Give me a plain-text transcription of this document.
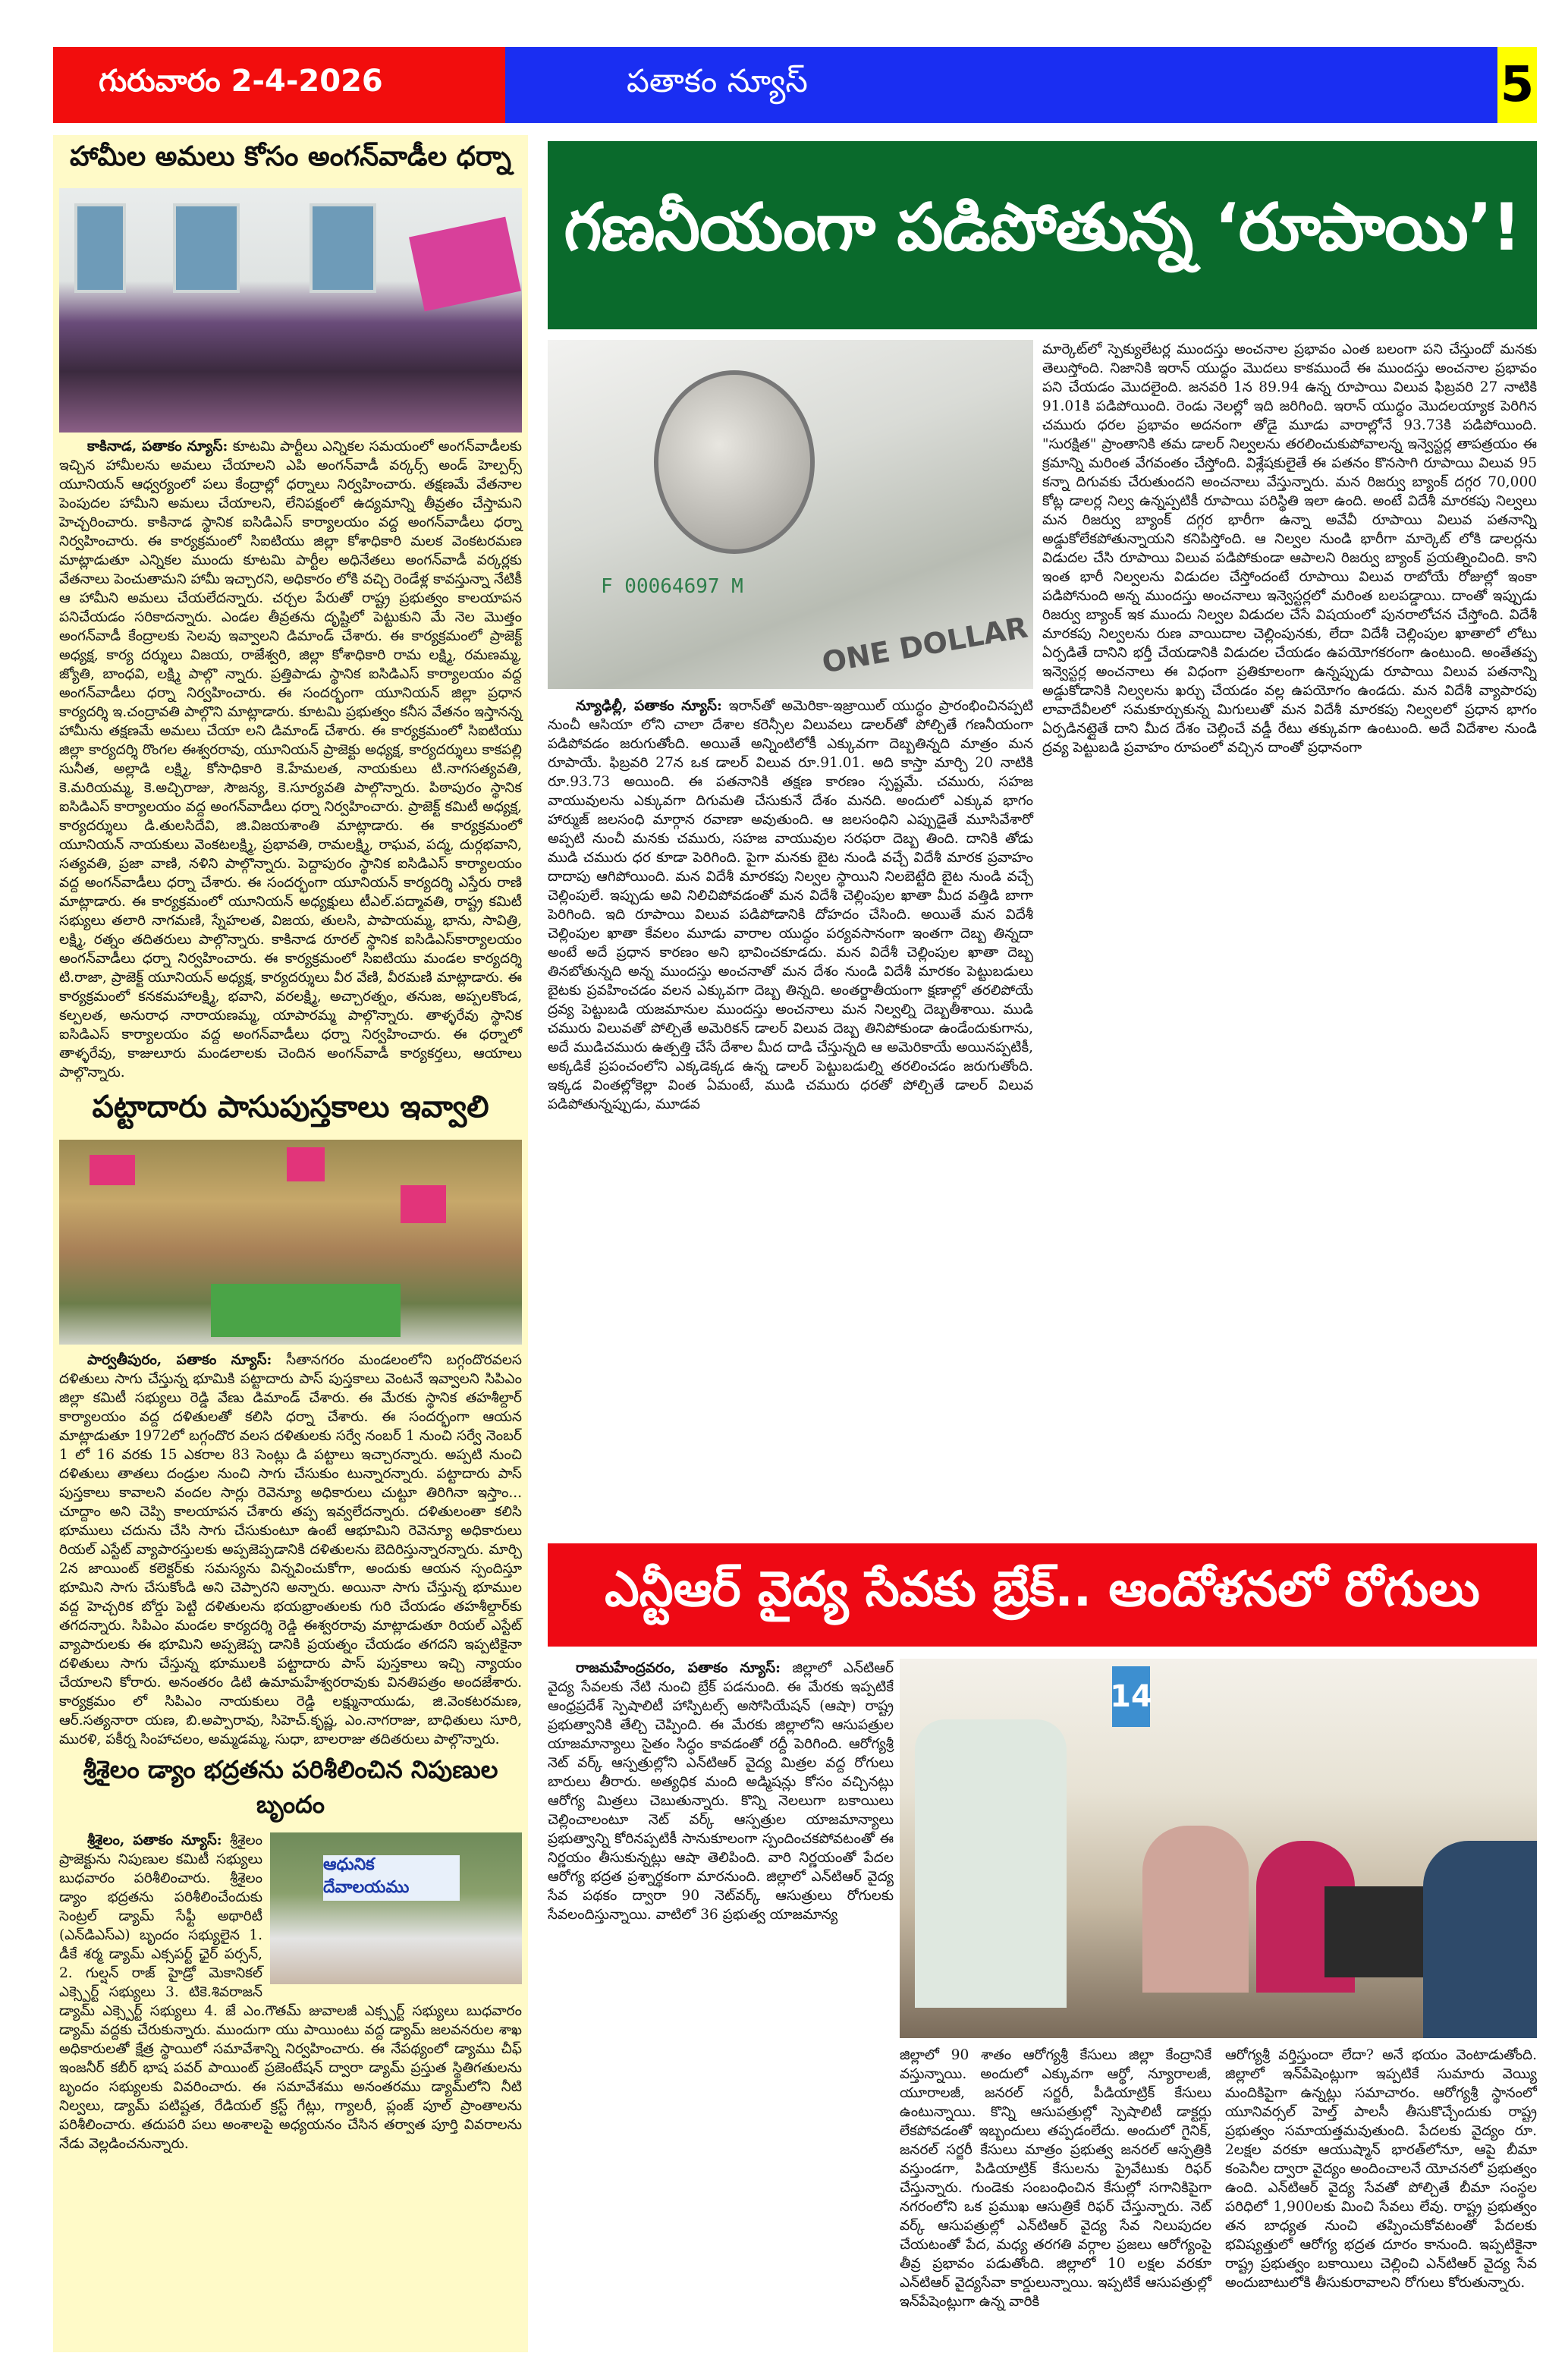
గురువారం 2-4-2026	పతాకం న్యూస్	5
హామీల అమలు కోసం అంగన్‌వాడీల ధర్నా

కాకినాడ, పతాకం న్యూస్: కూటమి పార్టీలు ఎన్నికల సమయంలో అంగన్‌వాడీలకు ఇచ్చిన హామీలను అమలు చేయాలని ఎపి అంగన్‌వాడీ వర్కర్స్ అండ్ హెల్పర్స్ యూనియన్ ఆధ్వర్యంలో పలు కేంద్రాల్లో ధర్నాలు నిర్వహించారు. తక్షణమే వేతనాల పెంపుదల హామీని అమలు చేయాలని, లేనిపక్షంలో ఉద్యమాన్ని తీవ్రతం చేస్తామని హెచ్చరించారు. కాకినాడ స్థానిక ఐసిడిఎస్ కార్యాలయం వద్ద అంగన్‌వాడీలు ధర్నా నిర్వహించారు. ఈ కార్యక్రమంలో సిఐటియు జిల్లా కోశాధికారి మలక వెంకటరమణ మాట్లాడుతూ ఎన్నికల ముందు కూటమి పార్టీల అధినేతలు అంగన్‌వాడీ వర్కర్లకు వేతనాలు పెంచుతామని హామీ ఇచ్చారని, అధికారం లోకి వచ్చి రెండేళ్ల కావస్తున్నా నేటికీ ఆ హామీని అమలు చేయలేదన్నారు. చర్చల పేరుతో రాష్ట్ర ప్రభుత్వం కాలయాపన పనిచేయడం సరికాదన్నారు. ఎండల తీవ్రతను దృష్టిలో పెట్టుకుని మే నెల మొత్తం అంగన్‌వాడీ కేంద్రాలకు సెలవు ఇవ్వాలని డిమాండ్ చేశారు. ఈ కార్యక్రమంలో ప్రాజెక్ట్ అధ్యక్ష, కార్య దర్శులు విజయ, రాజేశ్వరి, జిల్లా కోశాధికారి రామ లక్ష్మి, రమణమ్మ, జ్యోతి, బాంధవి, లక్ష్మి పాల్గొ న్నారు. ప్రత్తిపాడు స్థానిక ఐసిడిఎస్ కార్యాలయం వద్ద అంగన్‌వాడీలు ధర్నా నిర్వహించారు. ఈ సందర్భంగా యూనియన్ జిల్లా ప్రధాన కార్యదర్శి ఇ.చంద్రావతి పాల్గొని మాట్లాడారు. కూటమి ప్రభుత్వం కనీస వేతనం ఇస్తానన్న హామీను తక్షణమే అమలు చేయా లని డిమాండ్ చేశారు. ఈ కార్యక్రమంలో సిఐటియు జిల్లా కార్యదర్శి రొంగల ఈశ్వరరావు, యూనియన్ ప్రాజెక్టు అధ్యక్ష, కార్యదర్శులు కాకపల్లి సునీత, అల్లాడి లక్ష్మి, కోసాధికారి కె.హేమలత, నాయకులు టి.నాగసత్యవతి, కె.మరియమ్మ, కె.అచ్చిరాజు, సౌజన్య, కె.సూర్యవతి పాల్గొన్నారు. పిఠాపురం స్థానిక ఐసిడిఎస్ కార్యాలయం వద్ద అంగన్‌వాడీలు ధర్నా నిర్వహించారు. ప్రాజెక్ట్ కమిటీ అధ్యక్ష, కార్యదర్శులు డి.తులసిదేవి, జి.విజయశాంతి మాట్లాడారు. ఈ కార్యక్రమంలో యూనియన్ నాయకులు వెంకటలక్ష్మి, ప్రభావతి, రామలక్ష్మి, రాఘవ, పద్మ, దుర్గభవాని, సత్యవతి, ప్రజా వాణి, నళిని పాల్గొన్నారు. పెద్దాపురం స్థానిక ఐసిడిఎస్ కార్యాలయం వద్ద అంగన్‌వాడీలు ధర్నా చేశారు. ఈ సందర్భంగా యూనియన్ కార్యదర్శి ఎస్తేరు రాణి మాట్లాడారు. ఈ కార్యక్రమంలో యూనియన్ అధ్యక్షులు టీఎల్.పద్మావతి, రాష్ట్ర కమిటీ సభ్యులు తలారి నాగమణి, స్నేహలత, విజయ, తులసి, పాపాయమ్మ, భాను, సావిత్రి, లక్ష్మి, రత్నం తదితరులు పాల్గొన్నారు. కాకినాడ రూరల్ స్థానిక ఐసిడిఎస్‌కార్యాలయం అంగన్‌వాడీలు ధర్నా నిర్వహించారు. ఈ కార్యక్రమంలో సిఐటియు మండల కార్యదర్శి టి.రాజా, ప్రాజెక్ట్ యూనియన్ అధ్యక్ష, కార్యదర్శులు వీర వేణి, వీరమణి మాట్లాడారు. ఈ కార్యక్రమంలో కనకమహాలక్ష్మి, భవాని, వరలక్ష్మి, అచ్చారత్నం, తనుజ, అప్పలకొండ, కల్పలత, అనురాధ నారాయణమ్మ, యాపారమ్మ పాల్గొన్నారు. తాళ్ళరేవు స్థానిక ఐసిడిఎస్ కార్యాలయం వద్ద అంగన్‌వాడీలు ధర్నా నిర్వహించారు. ఈ ధర్నాలో తాళ్ళరేవు, కాజులూరు మండలాలకు చెందిన అంగన్‌వాడీ కార్యకర్తలు, ఆయాలు పాల్గొన్నారు.

పట్టాదారు పాసుపుస్తకాలు ఇవ్వాలి

పార్వతీపురం, పతాకం న్యూస్: సీతానగరం మండలంలోని బగ్గందొరవలస దళితులు సాగు చేస్తున్న భూమికి పట్టాదారు పాస్ పుస్తకాలు వెంటనే ఇవ్వాలని సిపిఎం జిల్లా కమిటీ సభ్యులు రెడ్డి వేణు డిమాండ్ చేశారు. ఈ మేరకు స్థానిక తహశీల్దార్ కార్యాలయం వద్ద దళితులతో కలిసి ధర్నా చేశారు. ఈ సందర్భంగా ఆయన మాట్లాడుతూ 1972లో బగ్గందొర వలస దళితులకు సర్వే నంబర్ 1 నుంచి సర్వే నెంబర్ 1 లో 16 వరకు 15 ఎకరాల 83 సెంట్లు డి పట్టాలు ఇచ్చారన్నారు. అప్పటి నుంచి దళితులు తాతలు దండ్రుల నుంచి సాగు చేసుకుం టున్నారన్నారు. పట్టాదారు పాస్ పుస్తకాలు కావాలని వందల సార్లు రెవెన్యూ అధికారులు చుట్టూ తిరిగినా ఇస్తాం... చూద్దాం అని చెప్పి కాలయాపన చేశారు తప్ప ఇవ్వలేదన్నారు. దళితులంతా కలిసి భూములు చదును చేసి సాగు చేసుకుంటూ ఉంటే ఆభూమిని రెవెన్యూ అధికారులు రియల్ ఎస్టేట్ వ్యాపారస్తులకు అప్పజెప్పడానికి దళితులను బెదిరిస్తున్నారన్నారు. మార్చి 2న జాయింట్ కలెక్టర్‌కు సమస్యను విన్నవించుకోగా, అందుకు ఆయన స్పందిస్తూ భూమిని సాగు చేసుకోండి అని చెప్పారని అన్నారు. అయినా సాగు చేస్తున్న భూముల వద్ద హెచ్చరిక బోర్డు పెట్టి దళితులను భయభ్రాంతులకు గురి చేయడం తహశీల్దార్‌కు తగదన్నారు. సిపిఎం మండల కార్యదర్శి రెడ్డి ఈశ్వరరావు మాట్లాడుతూ రియల్ ఎస్టేట్ వ్యాపారులకు ఈ భూమిని అప్పజెప్ప డానికి ప్రయత్నం చేయడం తగదని ఇప్పటికైనా దళితులు సాగు చేస్తున్న భూములకి పట్టాదారు పాస్ పుస్తకాలు ఇచ్చి న్యాయం చేయాలని కోరారు. అనంతరం డిటి ఉమామహేశ్వరరావుకు వినతిపత్రం అందజేశారు. కార్యక్రమం లో సిపిఎం నాయకులు రెడ్డి లక్ష్మునాయుడు, జి.వెంకటరమణ, ఆర్.సత్యనారా యణ, బి.అప్పారావు, సిహెచ్.కృష్ణ, ఎం.నాగరాజు, బాధితులు సూరి, మురళి, పకీర్న సింహాచలం, అమ్మడమ్మ, సుధా, బాలరాజు తదితరులు పాల్గొన్నారు.

శ్రీశైలం డ్యాం భద్రతను పరిశీలించిన నిపుణుల బృందం
ఆధునిక దేవాలయము

శ్రీశైలం, పతాకం న్యూస్: శ్రీశైలం ప్రాజెక్టును నిపుణుల కమిటీ సభ్యులు బుధవారం పరిశీలించారు. శ్రీశైలం డ్యాం భద్రతను పరిశీలించేందుకు సెంట్రల్ డ్యామ్ సేఫ్టీ అథారిటీ (ఎన్‌డిఎస్‌ఎ) బృందం సభ్యులైన 1. డీకే శర్మ డ్యామ్ ఎక్సపర్ట్ ఛైర్ పర్సన్, 2. గుల్షన్ రాజ్ హైడ్రో మెకానికల్ ఎక్స్పెర్ట్ సభ్యులు 3. టికె.శివరాజన్ డ్యామ్ ఎక్స్పెర్ట్ సభ్యులు 4. జే ఎం.గౌతమ్ జువాలజీ ఎక్స్పర్ట్ సభ్యులు బుధవారం డ్యామ్ వద్దకు చేరుకున్నారు. ముందుగా యు పాయింటు వద్ద డ్యామ్ జలవనరుల శాఖ అధికారులతో క్షేత్ర స్థాయిలో సమావేశాన్ని నిర్వహించారు. ఈ నేపథ్యంలో డ్యాము చీఫ్ ఇంజనీర్ కబీర్ భాష పవర్ పాయింట్ ప్రజెంటేషన్ ద్వారా డ్యామ్ ప్రస్తుత స్థితిగతులను బృందం సభ్యులకు వివరించారు. ఈ సమావేశము అనంతరము డ్యామ్‌లోని నీటి నిల్వలు, డ్యామ్ పటిష్టత, రేడియల్ క్రస్ట్ గేట్లు, గ్యాలరీ, ప్లంజ్ పూల్ ప్రాంతాలను పరిశీలించారు. తదుపరి పలు అంశాలపై అధ్యయనం చేసిన తర్వాత పూర్తి వివరాలను నేడు వెల్లడించనున్నారు.

గణనీయంగా పడిపోతున్న ‘రూపాయి’!
F 00064697 M
ONE DOLLAR

న్యూఢిల్లీ, పతాకం న్యూస్: ఇరాన్‌తో అమెరికా-ఇజ్రాయిల్ యుద్ధం ప్రారంభించినప్పటి నుంచీ ఆసియా లోని చాలా దేశాల కరెన్సీల విలువలు డాలర్‌తో పోల్చితే గణనీయంగా పడిపోవడం జరుగుతోంది. అయితే అన్నింటిలోకీ ఎక్కువగా దెబ్బతిన్నది మాత్రం మన రూపాయే. ఫిబ్రవరి 27న ఒక డాలర్ విలువ రూ.91.01. అది కాస్తా మార్చి 20 నాటికి రూ.93.73 అయింది. ఈ పతనానికి తక్షణ కారణం స్పష్టమే. చమురు, సహజ వాయువులను ఎక్కువగా దిగుమతి చేసుకునే దేశం మనది. అందులో ఎక్కువ భాగం హార్ముజ్ జలసంధి మార్గాన రవాణా అవుతుంది. ఆ జలసంధిని ఎప్పుడైతే మూసివేశారో అప్పటి నుంచీ మనకు చమురు, సహజ వాయువుల సరఫరా దెబ్బ తింది. దానికి తోడు ముడి చమురు ధర కూడా పెరిగింది. పైగా మనకు బైట నుండి వచ్చే విదేశీ మారక ప్రవాహం దాదాపు ఆగిపోయింది. మన విదేశీ మారకపు నిల్వల స్థాయిని నిలబెట్టేది బైట నుండి వచ్చే చెల్లింపులే. ఇప్పుడు అవి నిలిచిపోవడంతో మన విదేశీ చెల్లింపుల ఖాతా మీద వత్తిడి బాగా పెరిగింది. ఇది రూపాయి విలువ పడిపోడానికి దోహదం చేసింది. అయితే మన విదేశీ చెల్లింపుల ఖాతా కేవలం మూడు వారాల యుద్ధం పర్యవసానంగా ఇంతగా దెబ్బ తిన్నదా అంటే అదే ప్రధాన కారణం అని భావించకూడదు. మన విదేశీ చెల్లింపుల ఖాతా దెబ్బ తినబోతున్నది అన్న ముందస్తు అంచనాతో మన దేశం నుండి విదేశీ మారకం పెట్టుబడులు బైటకు ప్రవహించడం వలన ఎక్కువగా దెబ్బ తిన్నది. అంతర్జాతీయంగా క్షణాల్లో తరలిపోయే ద్రవ్య పెట్టుబడి యజమానుల ముందస్తు అంచనాలు మన నిల్వల్ని దెబ్బతీశాయి. ముడి చమురు విలువతో పోల్చితే అమెరికన్ డాలర్ విలువ దెబ్బ తినిపోకుండా ఉండేందుకుగాను, అదే ముడిచమురు ఉత్పత్తి చేసే దేశాల మీద దాడి చేస్తున్నది ఆ అమెరికాయే అయినప్పటికీ, అక్కడికే ప్రపంచంలోని ఎక్కడెక్కడ ఉన్న డాలర్ పెట్టుబడుల్ని తరలించడం జరుగుతోంది. ఇక్కడ వింతల్లోకెల్లా వింత ఏమంటే, ముడి చమురు ధరతో పోల్చితే డాలర్ విలువ పడిపోతున్నప్పుడు, మూడవ

మార్కెట్‌లో స్పెక్యులేటర్ల ముందస్తు అంచనాల ప్రభావం ఎంత బలంగా పని చేస్తుందో మనకు తెలుస్తోంది. నిజానికి ఇరాన్ యుద్ధం మొదలు కాకముందే ఈ ముందస్తు అంచనాల ప్రభావం పని చేయడం మొదలైంది. జనవరి 1న 89.94 ఉన్న రూపాయి విలువ ఫిబ్రవరి 27 నాటికి 91.01కి పడిపోయింది. రెండు నెలల్లో ఇది జరిగింది. ఇరాన్ యుద్ధం మొదలయ్యాక పెరిగిన చమురు ధరల ప్రభావం అదనంగా తోడై మూడు వారాల్లోనే 93.73కి పడిపోయింది. "సురక్షిత" ప్రాంతానికి తమ డాలర్ నిల్వలను తరలించుకుపోవాలన్న ఇన్వెస్టర్ల తాపత్రయం ఈ క్రమాన్ని మరింత వేగవంతం చేస్తోంది. విశ్లేషకులైతే ఈ పతనం కొనసాగి రూపాయి విలువ 95 కన్నా దిగువకు చేరుతుందని అంచనాలు వేస్తున్నారు. మన రిజర్వు బ్యాంక్ దగ్గర 70,000 కోట్ల డాలర్ల నిల్వ ఉన్నప్పటికీ రూపాయి పరిస్థితి ఇలా ఉంది. అంటే విదేశీ మారకపు నిల్వలు మన రిజర్వు బ్యాంక్ దగ్గర భారీగా ఉన్నా అవేవీ రూపాయి విలువ పతనాన్ని అడ్డుకోలేకపోతున్నాయని కనిపిస్తోంది. ఆ నిల్వల నుండి భారీగా మార్కెట్ లోకి డాలర్లను విడుదల చేసి రూపాయి విలువ పడిపోకుండా ఆపాలని రిజర్వు బ్యాంక్ ప్రయత్నించింది. కాని ఇంత భారీ నిల్వలను విడుదల చేస్తోందంటే రూపాయి విలువ రాబోయే రోజుల్లో ఇంకా పడిపోనుంది అన్న ముందస్తు అంచనాలు ఇన్వెస్టర్లలో మరింత బలపడ్డాయి. దాంతో ఇప్పుడు రిజర్వు బ్యాంక్ ఇక ముందు నిల్వల విడుదల చేసే విషయంలో పునరాలోచన చేస్తోంది. విదేశీ మారకపు నిల్వలను రుణ వాయిదాల చెల్లింపునకు, లేదా విదేశీ చెల్లింపుల ఖాతాలో లోటు ఏర్పడితే దానిని భర్తీ చేయడానికి విడుదల చేయడం ఉపయోగకరంగా ఉంటుంది. అంతేతప్ప ఇన్వెస్టర్ల అంచనాలు ఈ విధంగా ప్రతికూలంగా ఉన్నప్పుడు రూపాయి విలువ పతనాన్ని అడ్డుకోడానికి నిల్వలను ఖర్చు చేయడం వల్ల ఉపయోగం ఉండదు. మన విదేశీ వ్యాపారపు లావాదేవీలలో సమకూర్చుకున్న మిగులుతో మన విదేశీ మారకపు నిల్వలలో ప్రధాన భాగం ఏర్పడినట్లైతే దాని మీద దేశం చెల్లించే వడ్డీ రేటు తక్కువగా ఉంటుంది. అదే విదేశాల నుండి ద్రవ్య పెట్టుబడి ప్రవాహం రూపంలో వచ్చిన దాంతో ప్రధానంగా

ఎన్టీఆర్ వైద్య సేవకు బ్రేక్.. ఆందోళనలో రోగులు

రాజమహేంద్రవరం, పతాకం న్యూస్: జిల్లాలో ఎన్‌టిఆర్ వైద్య సేవలకు నేటి నుంచి బ్రేక్ పడనుంది. ఈ మేరకు ఇప్పటికే ఆంధ్రప్రదేశ్ స్పెషాలిటీ హాస్పిటల్స్ అసోసియేషన్ (ఆషా) రాష్ట్ర ప్రభుత్వానికి తేల్చి చెప్పింది. ఈ మేరకు జిల్లాలోని ఆసుపత్రుల యాజమాన్యాలు సైతం సిద్ధం కావడంతో రద్దీ పెరిగింది. ఆరోగ్యశ్రీ నెట్ వర్క్ ఆస్పత్రుల్లోని ఎన్‌టిఆర్ వైద్య మిత్రల వద్ద రోగులు బారులు తీరారు. అత్యధిక మంది అడ్మిషన్లు కోసం వచ్చినట్లు ఆరోగ్య మిత్రలు చెబుతున్నారు. కొన్ని నెలలుగా బకాయిలు చెల్లించాలంటూ నెట్ వర్క్ ఆస్పత్రుల యాజమాన్యాలు ప్రభుత్వాన్ని కోరినప్పటికీ సానుకూలంగా స్పందించకపోవటంతో ఈ నిర్ణయం తీసుకున్నట్లు ఆషా తెలిపింది. వారి నిర్ణయంతో పేదల ఆరోగ్య భద్రత ప్రశ్నార్థకంగా మారనుంది. జిల్లాలో ఎన్‌టిఆర్ వైద్య సేవ పథకం ద్వారా 90 నెట్‌వర్క్ ఆసుత్రులు రోగులకు సేవలందిస్తున్నాయి. వాటిలో 36 ప్రభుత్వ యాజమాన్య

14

జిల్లాలో 90 శాతం ఆరోగ్యశ్రీ కేసులు జిల్లా కేంద్రానికే వస్తున్నాయి. అందులో ఎక్కువగా ఆర్థో, న్యూరాలజీ, యూరాలజీ, జనరల్ సర్జరీ, పీడియాట్రిక్ కేసులు ఉంటున్నాయి. కొన్ని ఆసుపత్రుల్లో స్పెషాలిటీ డాక్టర్లు లేకపోవడంతో ఇబ్బందులు తప్పడంలేదు. అందులో గైనిక్, జనరల్ సర్జరీ కేసులు మాత్రం ప్రభుత్వ జనరల్ ఆస్పత్రికి వస్తుండగా, పిడియాట్రిక్ కేసులను ప్రైవేటుకు రిఫర్ చేస్తున్నారు. గుండెకు సంబంధించిన కేసుల్లో సగానికిపైగా నగరంలోని ఒక ప్రముఖ ఆసుత్రికే రిఫర్ చేస్తున్నారు. నెట్ వర్క్ ఆసుపత్రుల్లో ఎన్‌టిఆర్ వైద్య సేవ నిలుపుదల చేయటంతో పేద, మధ్య తరగతి వర్గాల ప్రజలు ఆరోగ్యంపై తీవ్ర ప్రభావం పడుతోంది. జిల్లాలో 10 లక్షల వరకూ ఎన్‌టిఆర్ వైద్యసేవా కార్డులున్నాయి. ఇప్పటికే ఆసుపత్రుల్లో ఇన్‌పేషెంట్లుగా ఉన్న వారికి

ఆరోగ్యశ్రీ వర్తిస్తుందా లేదా? అనే భయం వెంటాడుతోంది. జిల్లాలో ఇన్‌పేషెంట్లుగా ఇప్పటికే సుమారు వెయ్యి మందికిపైగా ఉన్నట్లు సమాచారం. ఆరోగ్యశ్రీ స్థానంలో యూనివర్సల్ హెల్త్ పాలసీ తీసుకొచ్చేందుకు రాష్ట్ర ప్రభుత్వం సమాయత్తమవుతుంది. పేదలకు వైద్యం రూ. 2లక్షల వరకూ ఆయుష్మాన్ భారత్‌లోనూ, ఆపై బీమా కంపెనీల ద్వారా వైద్యం అందించాలనే యోచనలో ప్రభుత్వం ఉంది. ఎన్‌టిఆర్ వైద్య సేవతో పోల్చితే బీమా సంస్థల పరిధిలో 1,900లకు మించి సేవలు లేవు. రాష్ట్ర ప్రభుత్వం తన బాధ్యత నుంచి తప్పించుకోవటంతో పేదలకు భవిష్యత్తులో ఆరోగ్య భద్రత దూరం కానుంది. ఇప్పటికైనా రాష్ట్ర ప్రభుత్వం బకాయిలు చెల్లించి ఎన్‌టిఆర్ వైద్య సేవ అందుబాటులోకి తీసుకురావాలని రోగులు కోరుతున్నారు.
